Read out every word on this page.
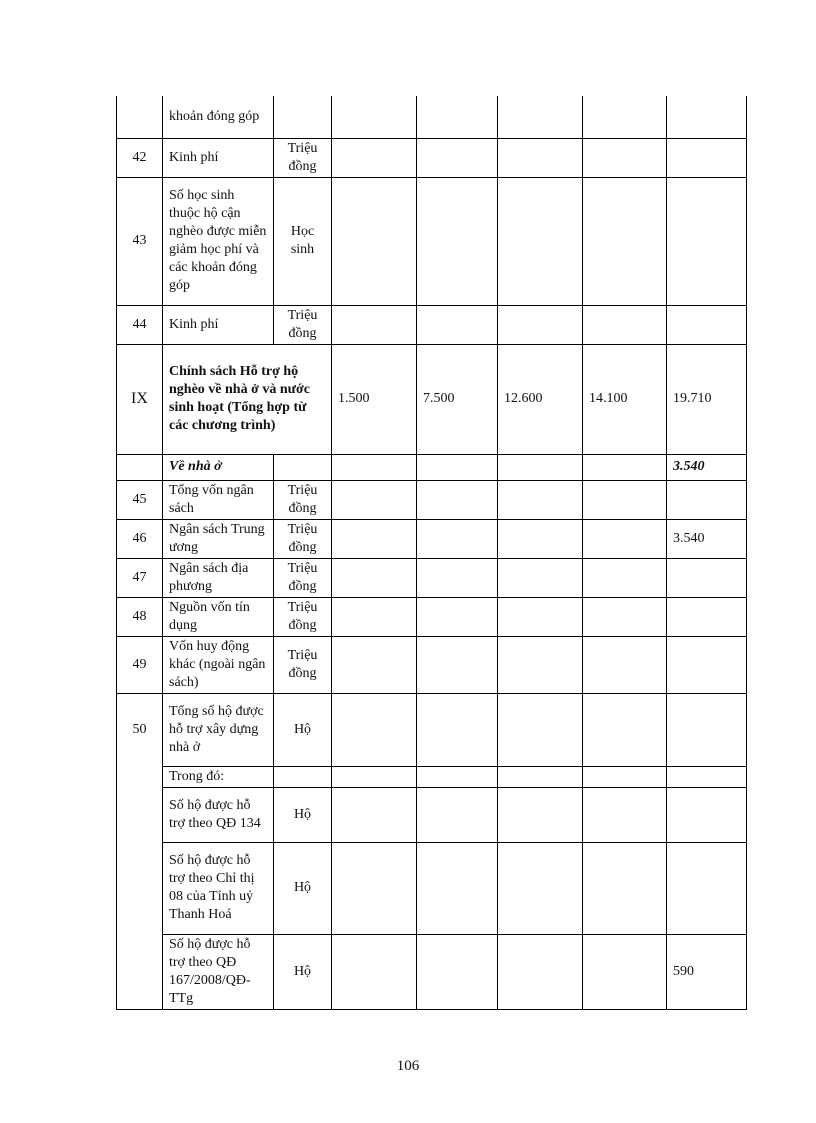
	khoản đóng góp						
42	Kinh phí	Triệu đồng					
43	Số học sinh thuộc hộ cận nghèo được miễn giảm học phí và các khoản đóng góp	Học sinh					
44	Kinh phí	Triệu đồng					
IX	Chính sách Hỗ trợ hộ nghèo về nhà ở và nước sinh hoạt (Tổng hợp từ các chương trình)		1.500	7.500	12.600	14.100	19.710
	Về nhà ở						3.540
45	Tổng vốn ngân sách	Triệu đồng					
46	Ngân sách Trung ương	Triệu đồng					3.540
47	Ngân sách địa phương	Triệu đồng					
48	Nguồn vốn tín dụng	Triệu đồng					
49	Vốn huy động khác (ngoài ngân sách)	Triệu đồng					
50	Tổng số hộ được hỗ trợ xây dựng nhà ở	Hộ					
	Trong đó:						
	Số hộ được hỗ trợ theo QĐ 134	Hộ					
	Số hộ được hỗ trợ theo Chỉ thị 08 của Tỉnh uỷ Thanh Hoá	Hộ					
	Số hộ được hỗ trợ theo QĐ 167/2008/QĐ-TTg	Hộ					590
106
